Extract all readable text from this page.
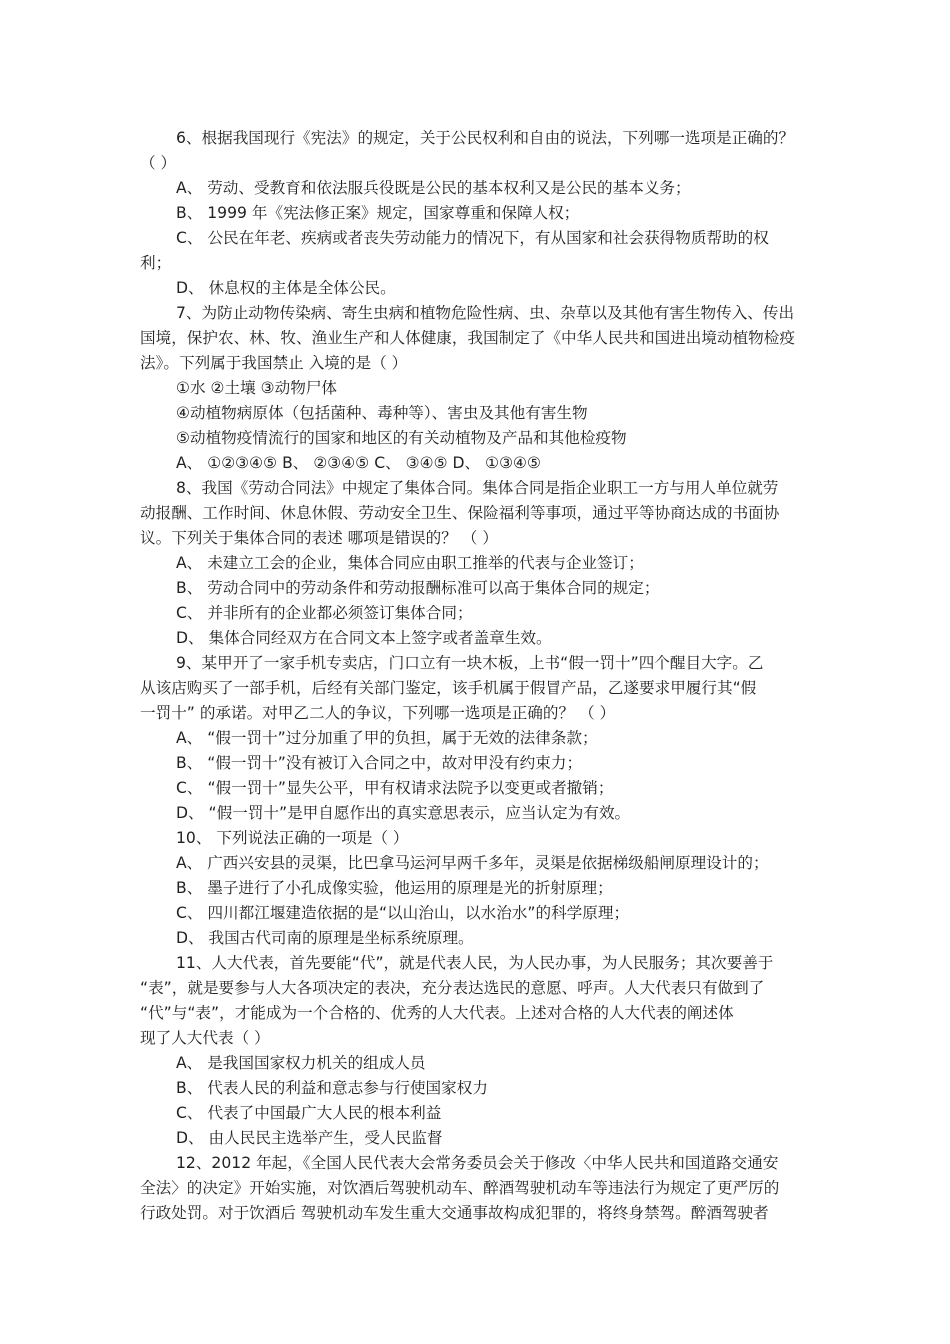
6、根据我国现行《宪法》的规定，关于公民权利和自由的说法，下列哪一选项是正确的？
（ ）
A、 劳动、受教育和依法服兵役既是公民的基本权利又是公民的基本义务；
B、 1999 年《宪法修正案》规定，国家尊重和保障人权；
C、 公民在年老、疾病或者丧失劳动能力的情况下，有从国家和社会获得物质帮助的权
利；
D、 休息权的主体是全体公民。
7、为防止动物传染病、寄生虫病和植物危险性病、虫、杂草以及其他有害生物传入、传出
国境，保护农、林、牧、渔业生产和人体健康，我国制定了《中华人民共和国进出境动植物检疫
法》。下列属于我国禁止 入境的是（ ）
①水 ②土壤 ③动物尸体
④动植物病原体（包括菌种、毒种等）、害虫及其他有害生物
⑤动植物疫情流行的国家和地区的有关动植物及产品和其他检疫物
A、 ①②③④⑤ B、 ②③④⑤ C、 ③④⑤ D、 ①③④⑤
8、我国《劳动合同法》中规定了集体合同。集体合同是指企业职工一方与用人单位就劳
动报酬、工作时间、休息休假、劳动安全卫生、保险福利等事项，通过平等协商达成的书面协
议。下列关于集体合同的表述 哪项是错误的？ （ ）
A、 未建立工会的企业，集体合同应由职工推举的代表与企业签订；
B、 劳动合同中的劳动条件和劳动报酬标准可以高于集体合同的规定；
C、 并非所有的企业都必须签订集体合同；
D、 集体合同经双方在合同文本上签字或者盖章生效。
9、某甲开了一家手机专卖店，门口立有一块木板，上书“假一罚十”四个醒目大字。乙
从该店购买了一部手机，后经有关部门鉴定，该手机属于假冒产品，乙遂要求甲履行其“假
一罚十” 的承诺。对甲乙二人的争议，下列哪一选项是正确的？ （ ）
A、 “假一罚十”过分加重了甲的负担，属于无效的法律条款；
B、 “假一罚十”没有被订入合同之中，故对甲没有约束力；
C、 “假一罚十”显失公平，甲有权请求法院予以变更或者撤销；
D、 “假一罚十”是甲自愿作出的真实意思表示，应当认定为有效。
10、 下列说法正确的一项是（ ）
A、 广西兴安县的灵渠，比巴拿马运河早两千多年，灵渠是依据梯级船闸原理设计的；
B、 墨子进行了小孔成像实验，他运用的原理是光的折射原理；
C、 四川都江堰建造依据的是“以山治山，以水治水”的科学原理；
D、 我国古代司南的原理是坐标系统原理。
11、人大代表，首先要能“代”，就是代表人民，为人民办事，为人民服务；其次要善于
“表”，就是要参与人大各项决定的表决，充分表达选民的意愿、呼声。人大代表只有做到了
“代”与“表”，才能成为一个合格的、优秀的人大代表。上述对合格的人大代表的阐述体
现了人大代表（ ）
A、 是我国国家权力机关的组成人员
B、 代表人民的利益和意志参与行使国家权力
C、 代表了中国最广大人民的根本利益
D、 由人民民主选举产生，受人民监督
12、2012 年起，《全国人民代表大会常务委员会关于修改〈中华人民共和国道路交通安
全法〉的决定》开始实施，对饮酒后驾驶机动车、醉酒驾驶机动车等违法行为规定了更严厉的
行政处罚。对于饮酒后 驾驶机动车发生重大交通事故构成犯罪的，将终身禁驾。醉酒驾驶者
